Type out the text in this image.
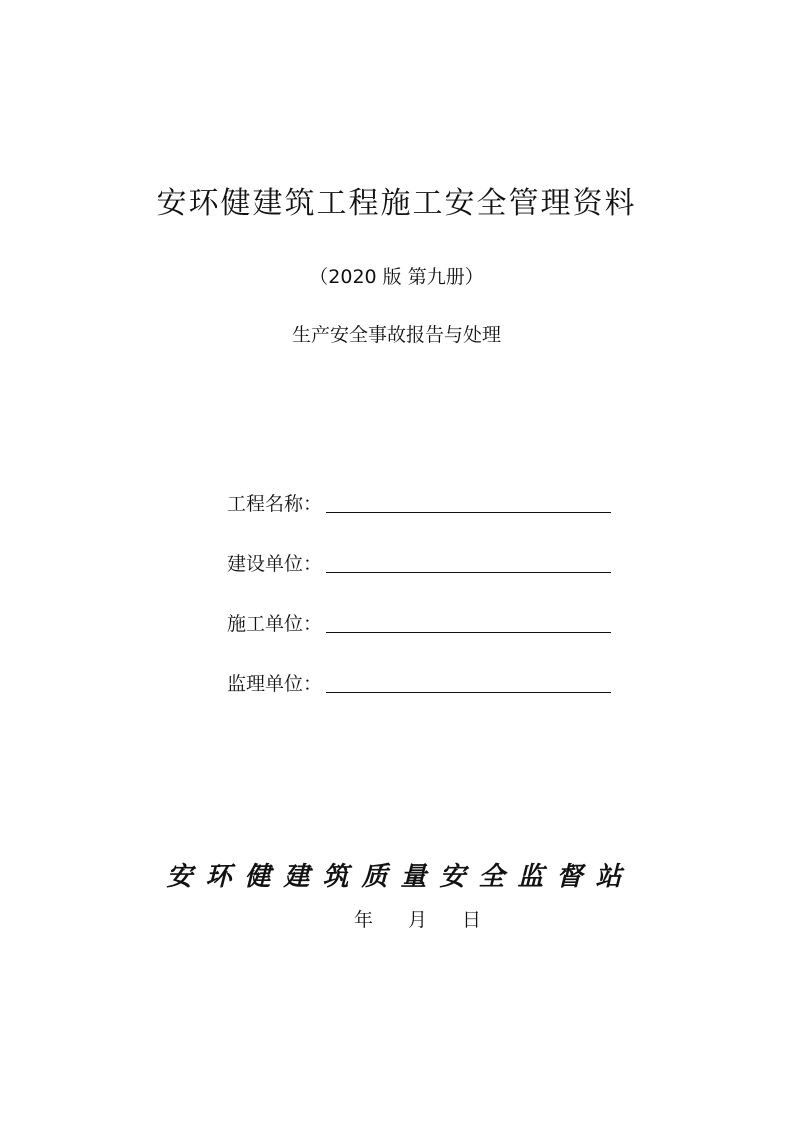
安环健建筑工程施工安全管理资料
（2020 版 第九册）
生产安全事故报告与处理
工程名称：
建设单位：
施工单位：
监理单位：
安环健建筑质量安全监督站
年 月 日
